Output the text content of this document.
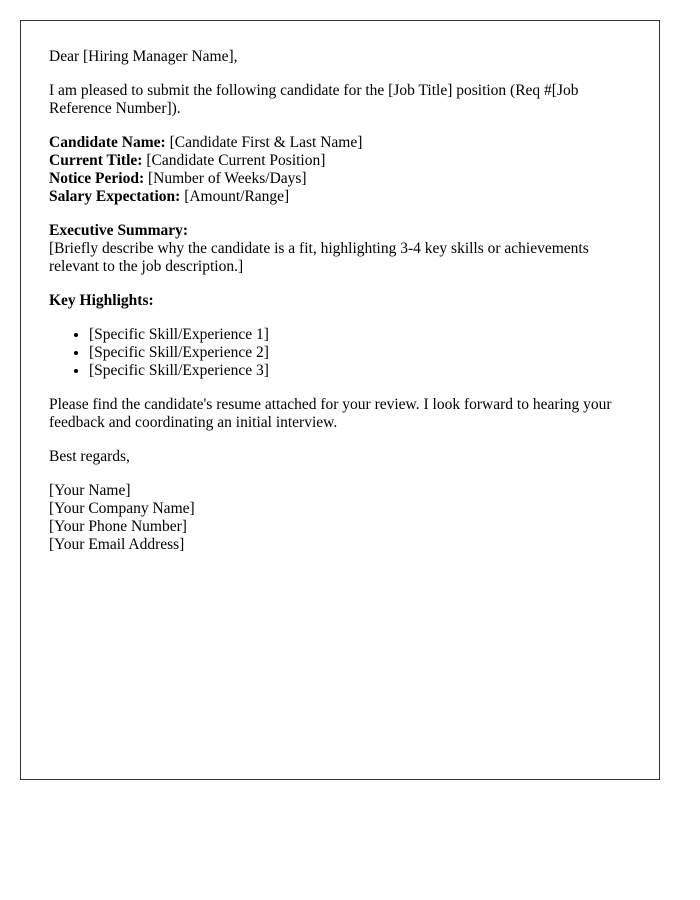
Dear [Hiring Manager Name],

I am pleased to submit the following candidate for the [Job Title] position (Req #[Job Reference Number]).

Candidate Name: [Candidate First & Last Name]
Current Title: [Candidate Current Position]
Notice Period: [Number of Weeks/Days]
Salary Expectation: [Amount/Range]

Executive Summary:
[Briefly describe why the candidate is a fit, highlighting 3-4 key skills or achievements relevant to the job description.]

Key Highlights:

• [Specific Skill/Experience 1]
• [Specific Skill/Experience 2]
• [Specific Skill/Experience 3]

Please find the candidate's resume attached for your review. I look forward to hearing your feedback and coordinating an initial interview.

Best regards,

[Your Name]
[Your Company Name]
[Your Phone Number]
[Your Email Address]
